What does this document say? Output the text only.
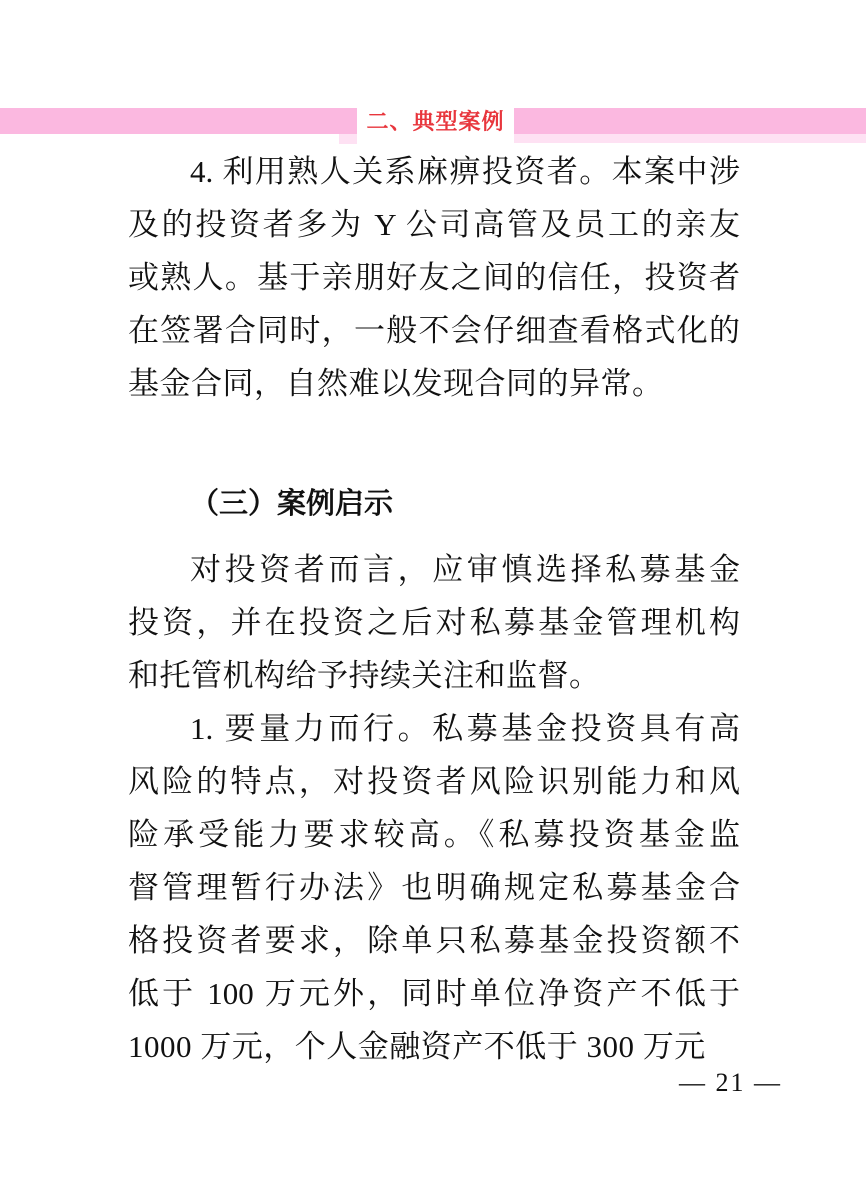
二、典型案例
4. 利用熟人关系麻痹投资者。本案中涉
及的投资者多为 Y 公司高管及员工的亲友
或熟人。基于亲朋好友之间的信任，投资者
在签署合同时，一般不会仔细查看格式化的
基金合同，自然难以发现合同的异常。
（三）案例启示
对投资者而言，应审慎选择私募基金
投资，并在投资之后对私募基金管理机构
和托管机构给予持续关注和监督。
1. 要量力而行。私募基金投资具有高
风险的特点，对投资者风险识别能力和风
险承受能力要求较高。《私募投资基金监
督管理暂行办法》也明确规定私募基金合
格投资者要求，除单只私募基金投资额不
低于 100 万元外，同时单位净资产不低于
1000 万元，个人金融资产不低于 300 万元
— 21 —
